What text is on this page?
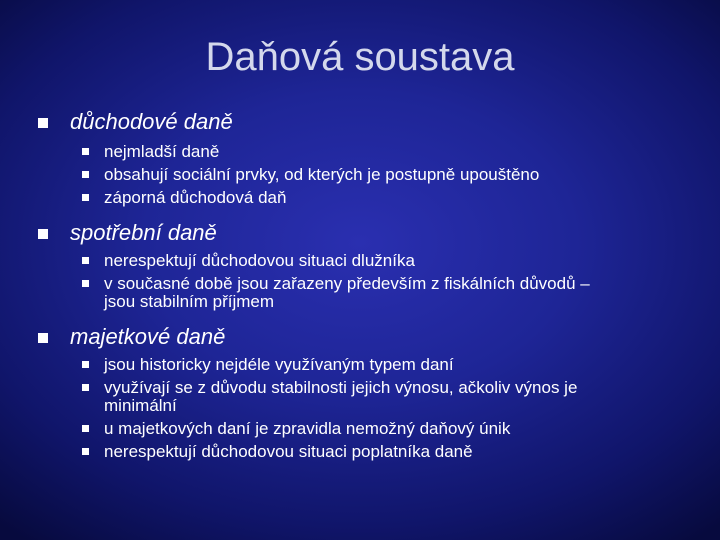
Daňová soustava
důchodové daně
nejmladší daně
obsahují sociální prvky, od kterých je postupně upouštěno
záporná důchodová daň
spotřební daně
nerespektují důchodovou situaci dlužníka
v současné době jsou zařazeny především z fiskálních důvodů –
jsou stabilním příjmem
majetkové daně
jsou historicky nejdéle využívaným typem daní
využívají se z důvodu stabilnosti jejich výnosu, ačkoliv výnos je
minimální
u majetkových daní je zpravidla nemožný daňový únik
nerespektují důchodovou situaci poplatníka daně
